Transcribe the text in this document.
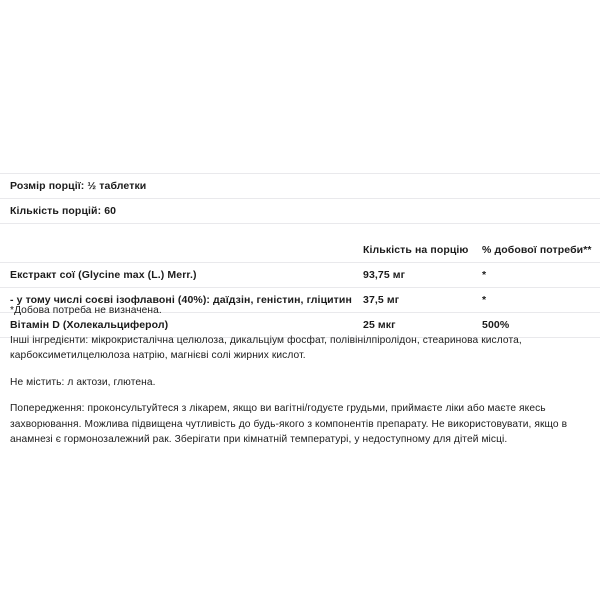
Розмір порції: ½ таблетки
Кількість порцій: 60
	Кількість на порцію	% добової потреби**
Екстракт сої (Glycine max (L.) Merr.)	93,75 мг	*
- у тому числі соєві ізофлавоні (40%): даїдзін, геністин, гліцитин	37,5 мг	*
Вітамін D (Холекальциферол)	25 мкг	500%

*Добова потреба не визначена.

Інші інгредієнти: мікрокристалічна целюлоза, дикальціум фосфат, полівінілпіролідон, стеаринова кислота, карбоксиметилцелюлоза натрію, магнієві солі жирних кислот.

Не містить: л актози, глютена.

Попередження: проконсультуйтеся з лікарем, якщо ви вагітні/годуєте грудьми, приймаєте ліки або маєте якесь захворювання. Можлива підвищена чутливість до будь-якого з компонентів препарату. Не використовувати, якщо в анамнезі є гормонозалежний рак. Зберігати при кімнатній температурі, у недоступному для дітей місці.
